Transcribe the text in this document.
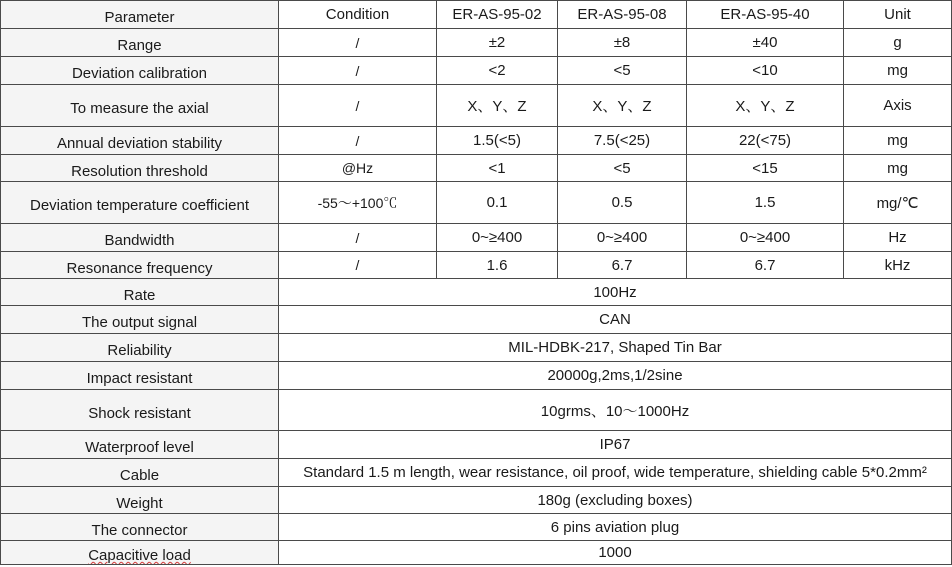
Parameter	Condition	ER-AS-95-02	ER-AS-95-08	ER-AS-95-40	Unit
Range	/	±2	±8	±40	g
Deviation calibration	/	<2	<5	<10	mg
To measure the axial	/	X、Y、Z	X、Y、Z	X、Y、Z	Axis
Annual deviation stability	/	1.5(<5)	7.5(<25)	22(<75)	mg
Resolution threshold	@Hz	<1	<5	<15	mg
Deviation temperature coefficient	-55～+100℃	0.1	0.5	1.5	mg/℃
Bandwidth	/	0~≥400	0~≥400	0~≥400	Hz
Resonance frequency	/	1.6	6.7	6.7	kHz
Rate	100Hz				
The output signal	CAN				
Reliability	MIL-HDBK-217, Shaped Tin Bar				
Impact resistant	20000g,2ms,1/2sine				
Shock resistant	10grms、10～1000Hz				
Waterproof level	IP67				
Cable	Standard 1.5 m length, wear resistance, oil proof, wide temperature, shielding cable 5*0.2mm²				
Weight	180g (excluding boxes)				
The connector	6 pins aviation plug				
Capacitive load	1000				
